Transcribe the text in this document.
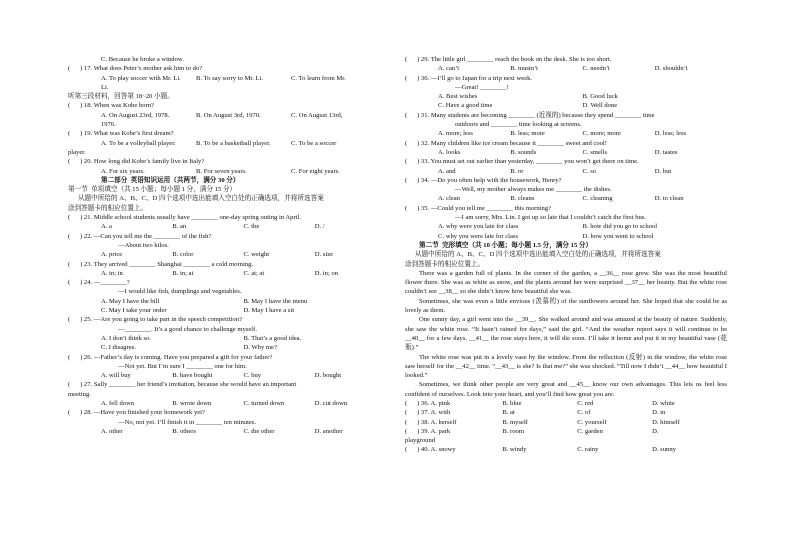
C. Because he broke a window.
(      ) 17. What does Peter’s mother ask him to do?
A. To play soccer with Mr. Li.	B. To say sorry to Mr. Li.	C. To learn from Mr.
Li.
听第三段材料，回答第 18~20 小题。
(      ) 18. When was Kobe born?
A. On August 23rd, 1978.	B. On August 3rd, 1970.	C. On August 13rd,
1976.
(      ) 19. What was Kobe’s first dream?
A. To be a volleyball player.	B. To be a basketball player.	C. To be a soccer
player.
(      ) 20. How long did Kobe’s family live in Italy?
A. For six years.	B. For seven years.	C. For eight years.
第二部分  英语知识运用（共两节，满分 30 分）
第一节  单项填空（共 15 小题；每小题 1 分，满分 15 分）
从题中所给的 A、B、C、D 四个选项中选出能填入空白处的正确选项，并将所选答案
涂到答题卡的相应位置上。
(      ) 21. Middle school students usually have ________ one-day spring outing in April.
A. a	B. an	C. the	D. /
(      ) 22. —Can you tell me the ________ of the fish?
—About two kilos.
A. price	B. color	C. weight	D. size
(      ) 23. They arrived ________ Shanghai ________ a cold morning.
A. in; in	B. in; at	C. at; at	D. in; on
(      ) 24. —________?
—I would like fish, dumplings and vegetables.
A. May I have the bill	B. May I have the menu
C. May I take your order	D. May I have a sit
(      ) 25. —Are you going to take part in the speech competition?
—________. It’s a good chance to challenge myself.
A. I don’t think so.	B. That’s a good idea.
C. I disagree.	D. Why me?
(      ) 26. —Father’s day is coming. Have you prepared a gift for your father?
—Not yet. But I’m sure I ________ one for him.
A. will buy	B. have bought	C. buy	D. bought
(      ) 27. Sally ________ her friend’s invitation, because she would have an important
meeting.
A. fell down	B. wrote down	C. turned down	D. cut down
(      ) 28. —Have you finished your homework yet?
—No, not yet. I’ll finish it in ________ ten minutes.
A. other	B. others	C. the other	D. another
(      ) 29. The little girl ________ reach the book on the desk. She is too short.
A. can’t	B. mustn’t	C. needn’t	D. shouldn’t
(      ) 30. —I’ll go to Japan for a trip next week.
—Great! ________!
A. Best wishes	B. Good luck
C. Have a good time	D. Well done
(      ) 31. Many students are becoming ________ (近视的) because they spend ________ time
outdoors and ________ time looking at screens.
A. more; less	B. less; more	C. more; more	D. less; less
(      ) 32. Many children like ice cream because it ________ sweet and cool!
A. looks	B. sounds	C. smells	D. tastes
(      ) 33. You must set out earlier than yesterday, ________ you won’t get there on time.
A. and	B. or	C. so	D. but
(      ) 34. —Do you often help with the housework, Henry?
—Well, my mother always makes me ________ the dishes.
A. clean	B. cleans	C. cleaning	D. to clean
(      ) 35. —Could you tell me ________ this morning?
—I am sorry, Mrs. Lin. I got up so late that I couldn’t catch the first bus.
A. why were you late for class	B. how did you go to school
C. why you were late for class	D. how you went to school
第二节  完形填空（共 10 小题；每小题 1.5 分，满分 15 分）
从题中所给的 A、B、C、D 四个选项中选出能填入空白处的正确选项，并将所选答案
涂到答题卡的相应位置上。
There was a garden full of plants. In the corner of the garden, a __36__ rose grew. She was the most beautiful flower there. She was as white as snow, and the plants around her were surprised __37__ her beauty. But the white rose couldn’t see __38__ so she didn’t know how beautiful she was.
Sometimes, she was even a little envious (羡慕的) of the sunflowers around her. She hoped that she could be as lovely as them.
One sunny day, a girl went into the __39__. She walked around and was amazed at the beauty of nature. Suddenly, she saw the white rose. “It hasn’t rained for days,” said the girl. “And the weather report says it will continue to be __40__ for a few days. __41__ the rose stays here, it will die soon. I’ll take it home and put it in my beautiful vase (花瓶).”
The white rose was put in a lovely vase by the window. From the reflection (反射) in the window, the white rose saw herself for the __42__ time. “__43__ is she? Is that me?” she was shocked. “Till now I didn’t __44__ how beautiful I looked.”
Sometimes, we think other people are very great and __45__ know our own advantages. This lets us feel less confident of ourselves. Look into your heart, and you’ll find how great you are.
(      ) 36. A. pink	B. blue	C. red	D. white
(      ) 37. A. with	B. at	C. of	D. in
(      ) 38. A. herself	B. myself	C. yourself	D. himself
(      ) 39. A. park	B. room	C. garden	D.
playground
(      ) 40. A. snowy	B. windy	C. rainy	D. sunny
